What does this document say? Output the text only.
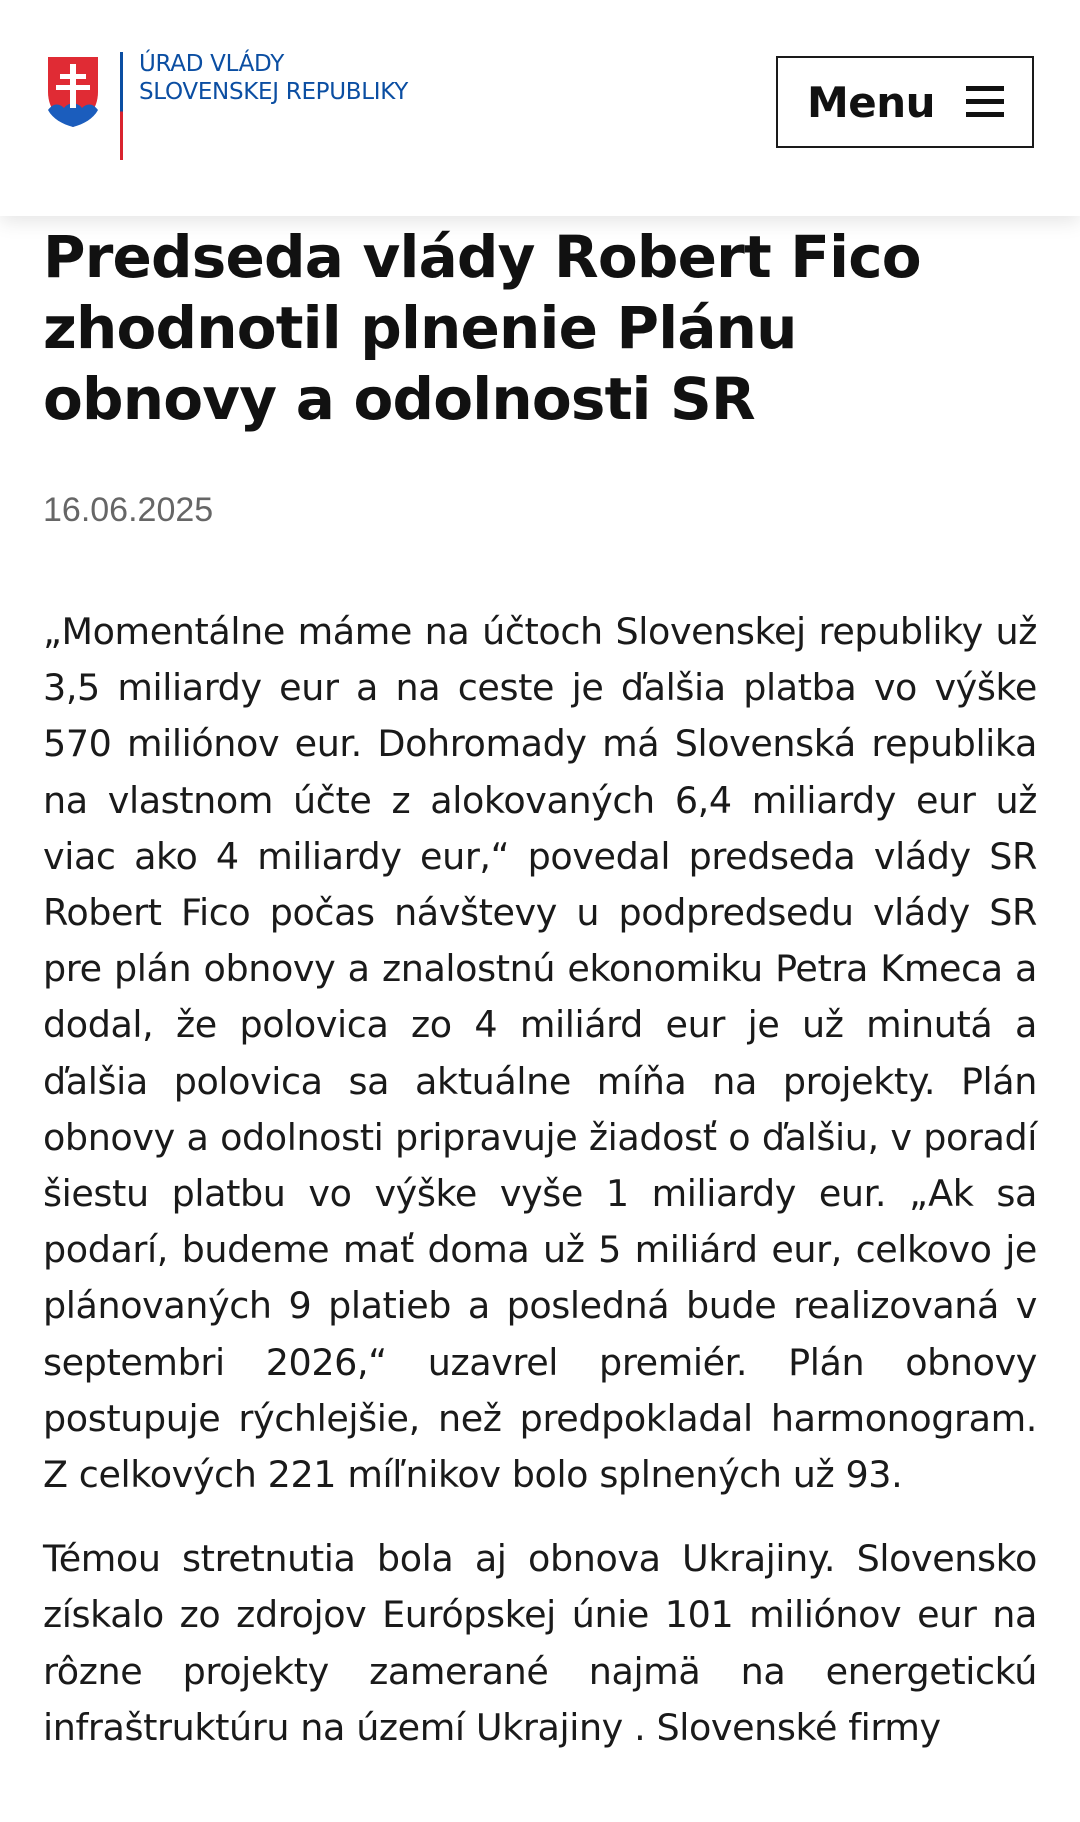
ÚRAD VLÁDY
SLOVENSKEJ REPUBLIKY	Menu
Predseda vlády Robert Fico zhodnotil plnenie Plánu obnovy a odolnosti SR
16.06.2025

„Momentálne máme na účtoch Slovenskej republiky už 3,5 miliardy eur a na ceste je ďalšia platba vo výške 570 miliónov eur. Dohromady má Slovenská republika na vlastnom účte z alokovaných 6,4 miliardy eur už viac ako 4 miliardy eur,“ povedal predseda vlády SR Robert Fico počas návštevy u podpredsedu vlády SR pre plán obnovy a znalostnú ekonomiku Petra Kmeca a dodal, že polovica zo 4 miliárd eur je už minutá a ďalšia polovica sa aktuálne míňa na projekty. Plán obnovy a odolnosti pripravuje žiadosť o ďalšiu, v poradí šiestu platbu vo výške vyše 1 miliardy eur. „Ak sa podarí, budeme mať doma už 5 miliárd eur, celkovo je plánovaných 9 platieb a posledná bude realizovaná v septembri 2026,“ uzavrel premiér. Plán obnovy postupuje rýchlejšie, než predpokladal harmonogram. Z celkových 221 míľnikov bolo splnených už 93.

Témou stretnutia bola aj obnova Ukrajiny. Slovensko získalo zo zdrojov Európskej únie 101 miliónov eur na rôzne projekty zamerané najmä na energetickú infraštruktúru na území Ukrajiny . Slovenské firmy
